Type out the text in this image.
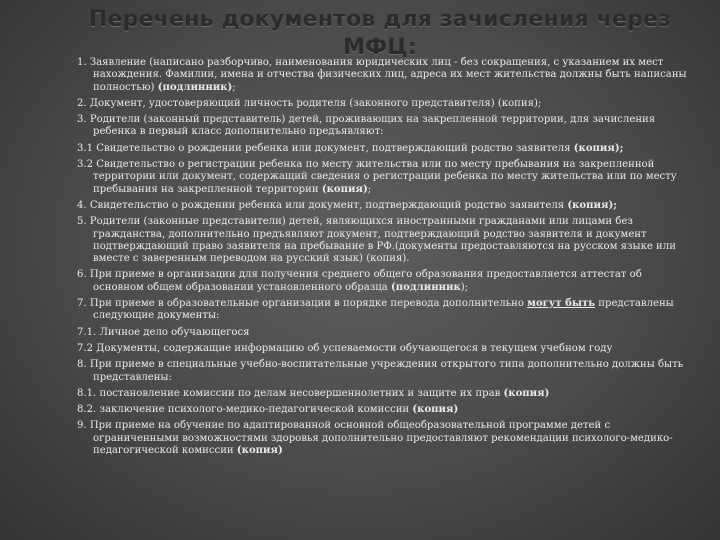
Перечень документов для зачисления через МФЦ:
1. Заявление (написано разборчиво, наименования юридических лиц - без сокращения, с указанием их мест нахождения. Фамилии, имена и отчества физических лиц, адреса их мест жительства должны быть написаны полностью) (подлинник);
2. Документ, удостоверяющий личность родителя (законного представителя) (копия);
3. Родители (законный представитель) детей, проживающих на закрепленной территории, для зачисления ребенка в первый класс дополнительно предъявляют:
3.1 Свидетельство о рождении ребенка или документ, подтверждающий родство заявителя (копия);
3.2 Свидетельство о регистрации ребенка по месту жительства или по месту пребывания на закрепленной территории или документ, содержащий сведения о регистрации ребенка по месту жительства или по месту пребывания на закрепленной территории (копия);
4. Свидетельство о рождении ребенка или документ, подтверждающий родство заявителя (копия);
5. Родители (законные представители) детей, являющихся иностранными гражданами или лицами без гражданства, дополнительно предъявляют документ, подтверждающий родство заявителя и документ подтверждающий право заявителя на пребывание в РФ.(документы предоставляются на русском языке или вместе с заверенным переводом на русский язык) (копия).
6. При приеме в организации для получения среднего общего образования предоставляется аттестат об основном общем образовании установленного образца (подлинник);
7. При приеме в образовательные организации в порядке перевода дополнительно могут быть представлены следующие документы:
7.1. Личное дело обучающегося
7.2 Документы, содержащие информацию об успеваемости обучающегося в текущем учебном году
8. При приеме в специальные учебно-воспитательные учреждения открытого типа дополнительно должны быть представлены:
8.1. постановление комиссии по делам несовершеннолетних и защите их прав (копия)
8.2. заключение психолого-медико-педагогической комиссии (копия)
9. При приеме на обучение по адаптированной основной общеобразовательной программе детей с ограниченными возможностями здоровья дополнительно предоставляют рекомендации психолого-медико-педагогической комиссии (копия)
